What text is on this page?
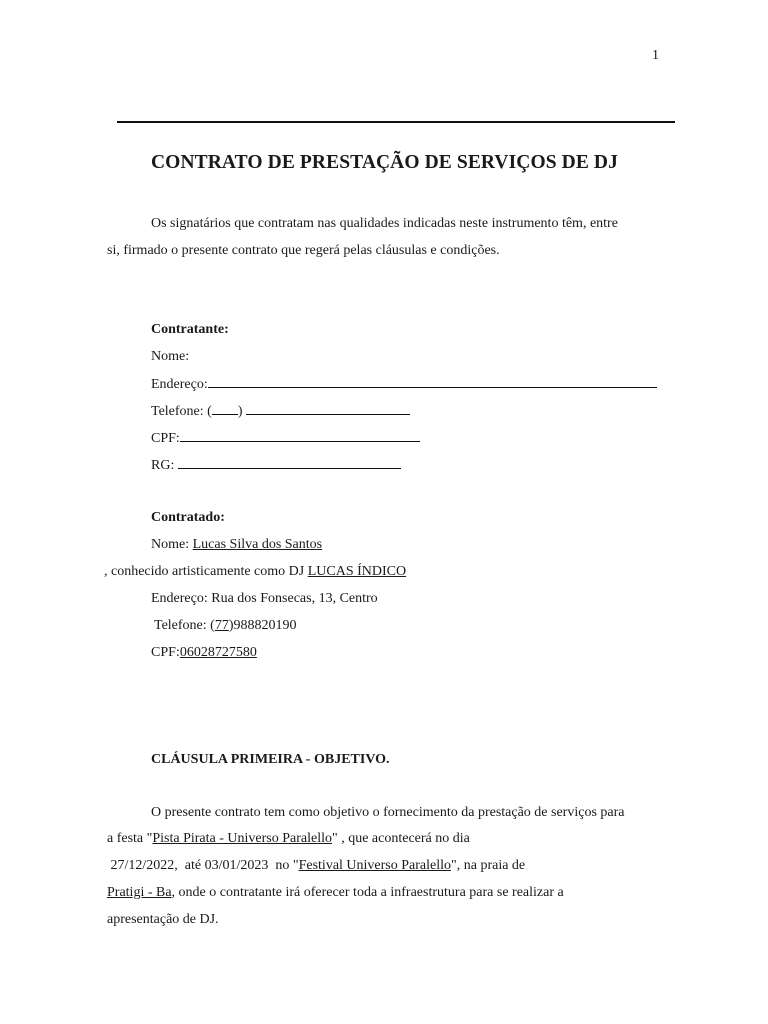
1
CONTRATO DE PRESTAÇÃO DE SERVIÇOS DE DJ
Os signatários que contratam nas qualidades indicadas neste instrumento têm, entre
si, firmado o presente contrato que regerá pelas cláusulas e condições.
Contratante:
Nome:
Endereço:
Telefone: ( )
CPF:
RG:
Contratado:
Nome: Lucas Silva dos Santos
, conhecido artisticamente como DJ LUCAS ÍNDICO
Endereço: Rua dos Fonsecas, 13, Centro
Telefone: (77)988820190
CPF:06028727580
CLÁUSULA PRIMEIRA - OBJETIVO.
O presente contrato tem como objetivo o fornecimento da prestação de serviços para
a festa "Pista Pirata - Universo Paralello" , que acontecerá no dia
27/12/2022,  até 03/01/2023  no "Festival Universo Paralello", na praia de
Pratigi - Ba, onde o contratante irá oferecer toda a infraestrutura para se realizar a
apresentação de DJ.
